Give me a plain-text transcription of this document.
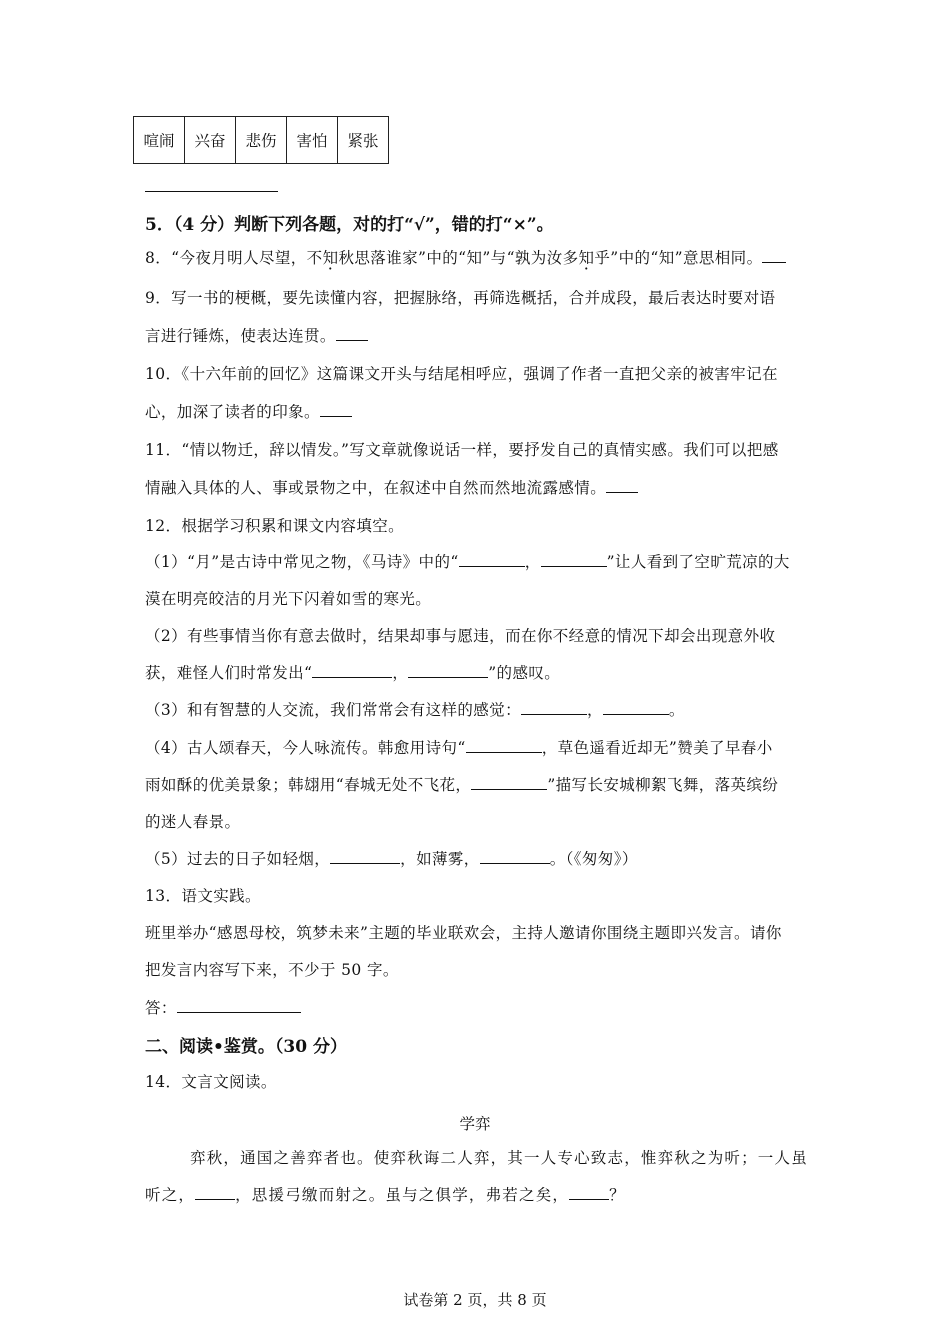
喧闹	兴奋	悲伤	害怕	紧张
5．（4 分）判断下列各题，对的打“√”，错的打“×”。
8．“今夜月明人尽望，不知秋思落谁家”中的“知”与“孰为汝多知乎”中的“知”意思相同。
9．写一书的梗概，要先读懂内容，把握脉络，再筛选概括，合并成段，最后表达时要对语
言进行锤炼，使表达连贯。
10．《十六年前的回忆》这篇课文开头与结尾相呼应，强调了作者一直把父亲的被害牢记在
心，加深了读者的印象。
11．“情以物迁，辞以情发。”写文章就像说话一样，要抒发自己的真情实感。我们可以把感
情融入具体的人、事或景物之中，在叙述中自然而然地流露感情。
12．根据学习积累和课文内容填空。
（1）“月”是古诗中常见之物，《马诗》中的“	，	”让人看到了空旷荒凉的大
漠在明亮皎洁的月光下闪着如雪的寒光。
（2）有些事情当你有意去做时，结果却事与愿违，而在你不经意的情况下却会出现意外收
获，难怪人们时常发出“	，	”的感叹。
（3）和有智慧的人交流，我们常常会有这样的感觉：	，	。
（4）古人颂春天，今人咏流传。韩愈用诗句“	，草色遥看近却无”赞美了早春小
雨如酥的优美景象；韩翃用“春城无处不飞花，	”描写长安城柳絮飞舞，落英缤纷
的迷人春景。
（5）过去的日子如轻烟，	，如薄雾，	。（《匆匆》）
13．语文实践。
班里举办“感恩母校，筑梦未来”主题的毕业联欢会，主持人邀请你围绕主题即兴发言。请你
把发言内容写下来，不少于 50 字。
答：
二、阅读•鉴赏。（30 分）
14．文言文阅读。
学弈
弈秋，通国之善弈者也。使弈秋诲二人弈，其一人专心致志，惟弈秋之为听；一人虽
听之，	，思援弓缴而射之。虽与之俱学，弗若之矣，	？
试卷第 2 页，共 8 页
